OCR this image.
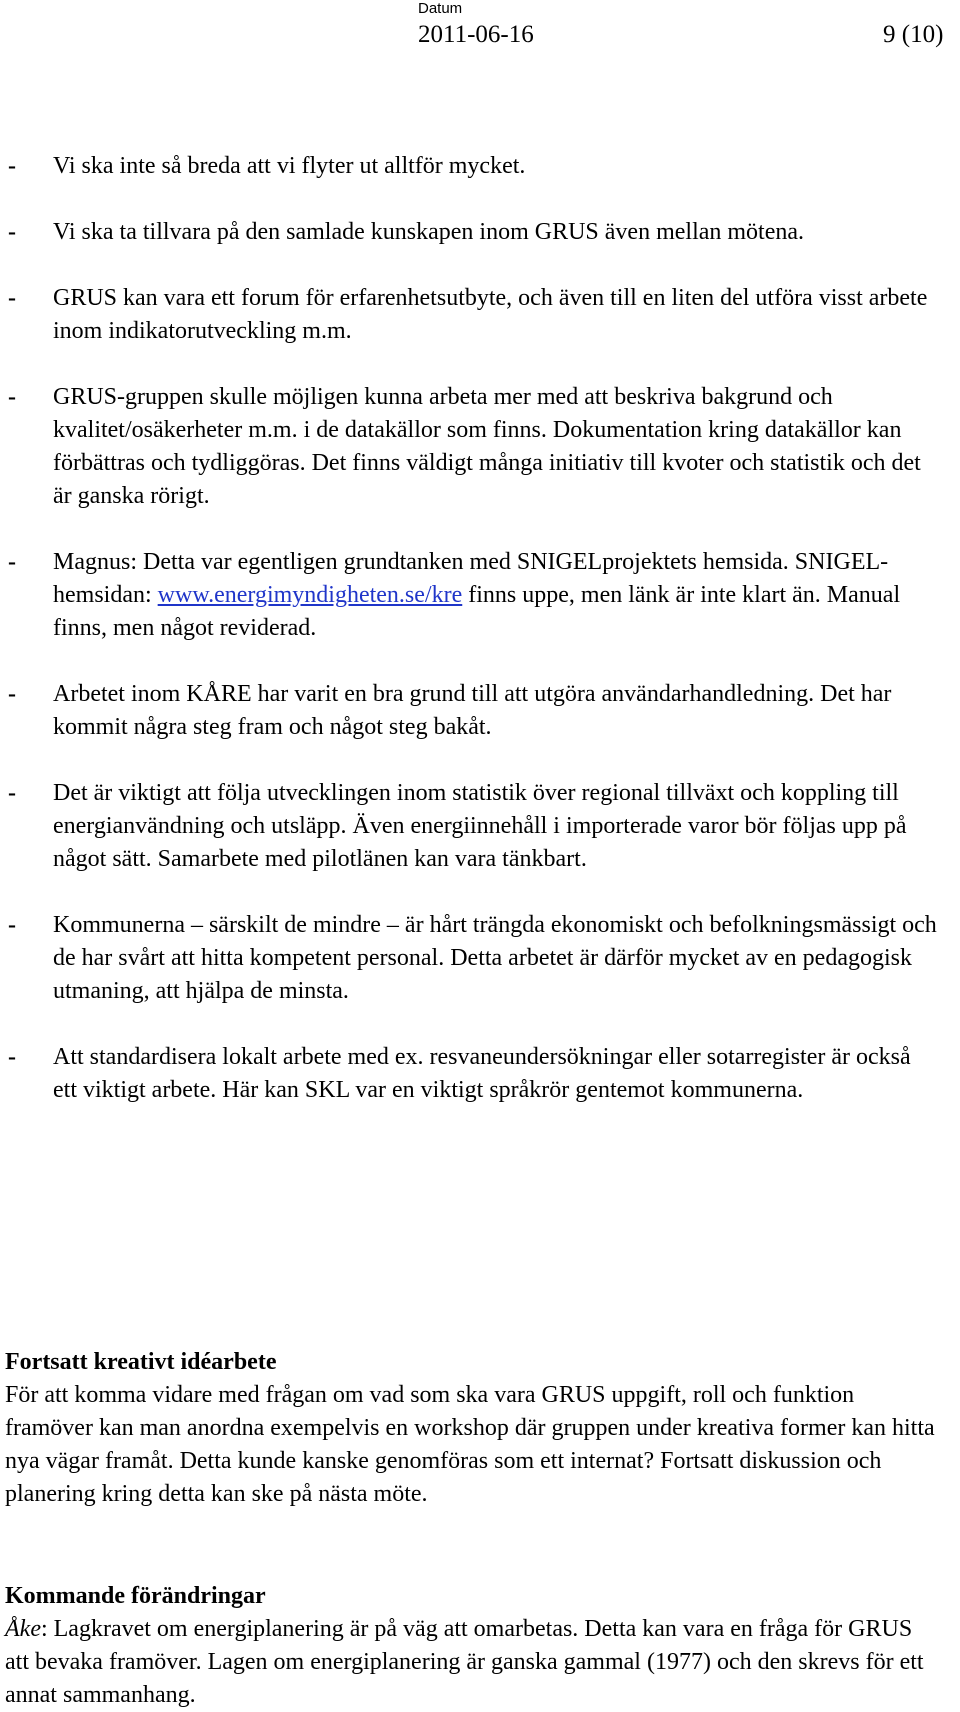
Datum
2011-06-16	9 (10)
- Vi ska inte så breda att vi flyter ut alltför mycket.
- Vi ska ta tillvara på den samlade kunskapen inom GRUS även mellan mötena.
- GRUS kan vara ett forum för erfarenhetsutbyte, och även till en liten del utföra visst arbete inom indikatorutveckling m.m.
- GRUS-gruppen skulle möjligen kunna arbeta mer med att beskriva bakgrund och kvalitet/osäkerheter m.m. i de datakällor som finns. Dokumentation kring datakällor kan förbättras och tydliggöras. Det finns väldigt många initiativ till kvoter och statistik och det är ganska rörigt.
- Magnus: Detta var egentligen grundtanken med SNIGELprojektets hemsida. SNIGEL-hemsidan: www.energimyndigheten.se/kre finns uppe, men länk är inte klart än. Manual finns, men något reviderad.
- Arbetet inom KÅRE har varit en bra grund till att utgöra användarhandledning. Det har kommit några steg fram och något steg bakåt.
- Det är viktigt att följa utvecklingen inom statistik över regional tillväxt och koppling till energianvändning och utsläpp. Även energiinnehåll i importerade varor bör följas upp på något sätt. Samarbete med pilotlänen kan vara tänkbart.
- Kommunerna – särskilt de mindre – är hårt trängda ekonomiskt och befolkningsmässigt och de har svårt att hitta kompetent personal. Detta arbetet är därför mycket av en pedagogisk utmaning, att hjälpa de minsta.
- Att standardisera lokalt arbete med ex. resvaneundersökningar eller sotarregister är också ett viktigt arbete. Här kan SKL var en viktigt språkrör gentemot kommunerna.
Fortsatt kreativt idéarbete
För att komma vidare med frågan om vad som ska vara GRUS uppgift, roll och funktion framöver kan man anordna exempelvis en workshop där gruppen under kreativa former kan hitta nya vägar framåt. Detta kunde kanske genomföras som ett internat? Fortsatt diskussion och planering kring detta kan ske på nästa möte.
Kommande förändringar
Åke: Lagkravet om energiplanering är på väg att omarbetas. Detta kan vara en fråga för GRUS att bevaka framöver. Lagen om energiplanering är ganska gammal (1977) och den skrevs för ett annat sammanhang.
